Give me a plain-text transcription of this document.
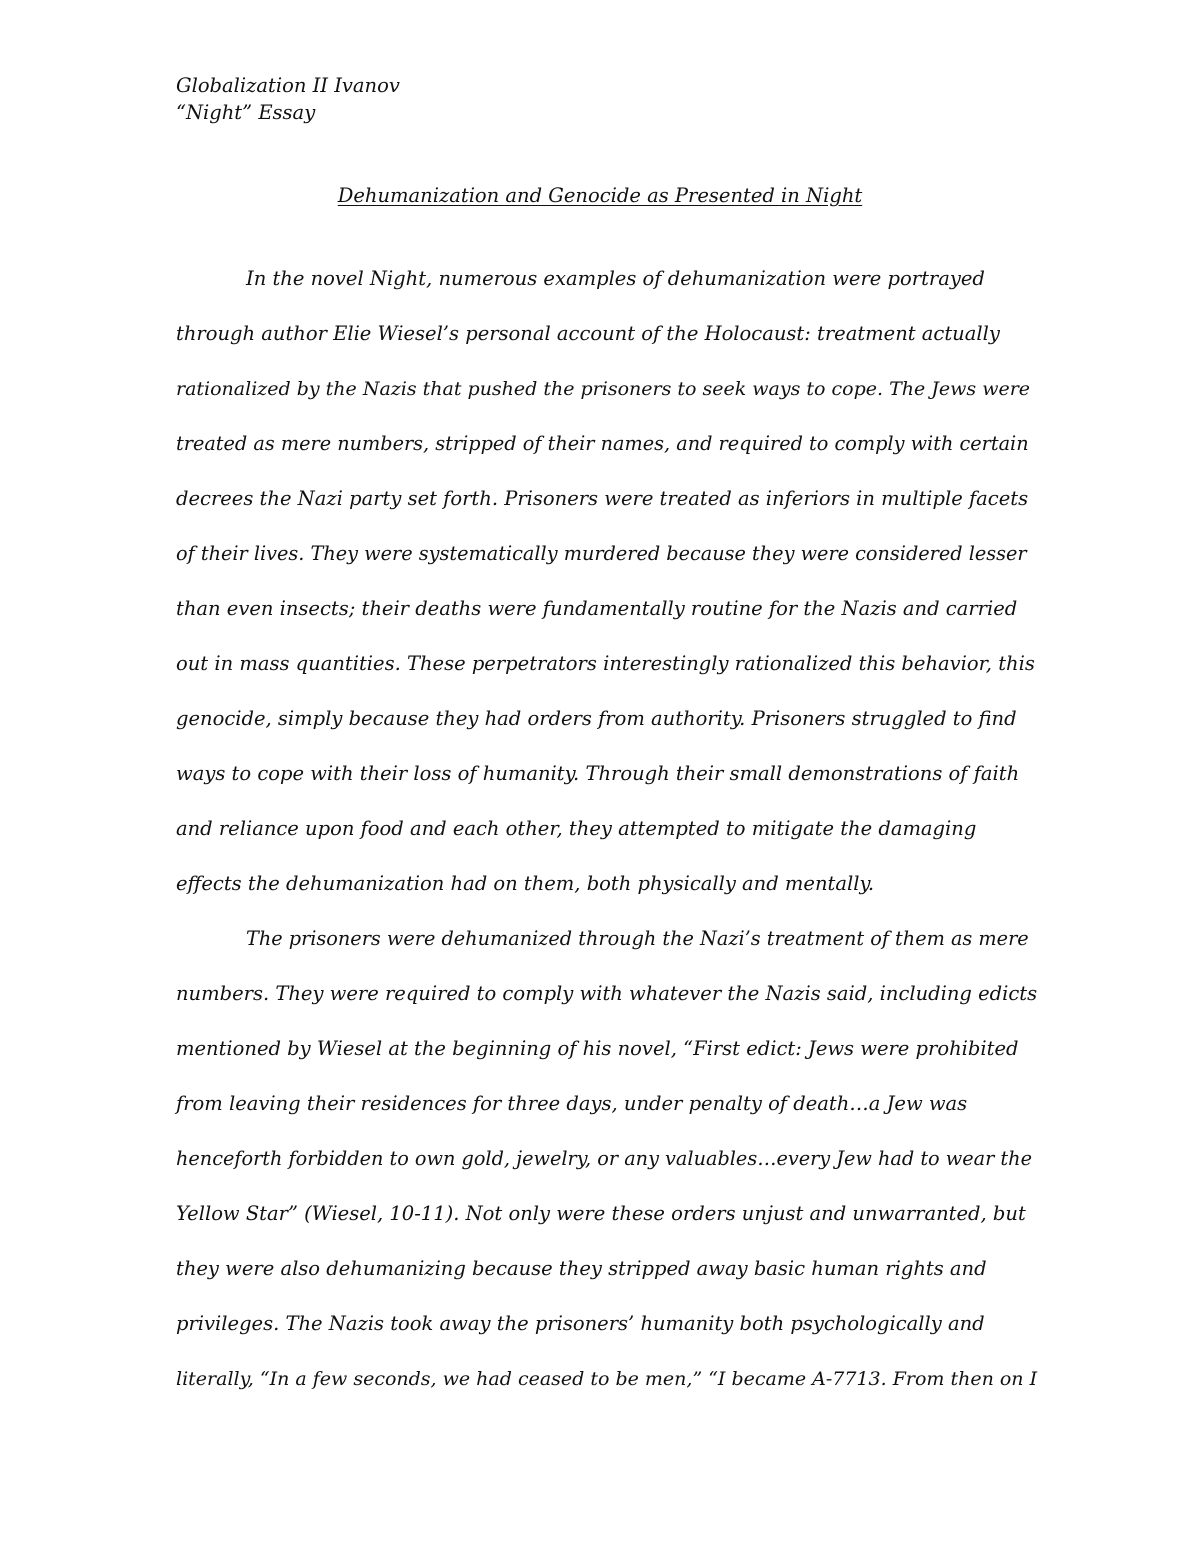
Globalization II Ivanov
“Night” Essay
Dehumanization and Genocide as Presented in Night
In the novel Night, numerous examples of dehumanization were portrayed
through author Elie Wiesel’s personal account of the Holocaust: treatment actually
rationalized by the Nazis that pushed the prisoners to seek ways to cope. The Jews were
treated as mere numbers, stripped of their names, and required to comply with certain
decrees the Nazi party set forth. Prisoners were treated as inferiors in multiple facets
of their lives. They were systematically murdered because they were considered lesser
than even insects; their deaths were fundamentally routine for the Nazis and carried
out in mass quantities. These perpetrators interestingly rationalized this behavior, this
genocide, simply because they had orders from authority. Prisoners struggled to find
ways to cope with their loss of humanity. Through their small demonstrations of faith
and reliance upon food and each other, they attempted to mitigate the damaging
effects the dehumanization had on them, both physically and mentally.
The prisoners were dehumanized through the Nazi’s treatment of them as mere
numbers. They were required to comply with whatever the Nazis said, including edicts
mentioned by Wiesel at the beginning of his novel, “First edict: Jews were prohibited
from leaving their residences for three days, under penalty of death…a Jew was
henceforth forbidden to own gold, jewelry, or any valuables…every Jew had to wear the
Yellow Star” (Wiesel, 10-11). Not only were these orders unjust and unwarranted, but
they were also dehumanizing because they stripped away basic human rights and
privileges. The Nazis took away the prisoners’ humanity both psychologically and
literally, “In a few seconds, we had ceased to be men,” “I became A-7713. From then on I
